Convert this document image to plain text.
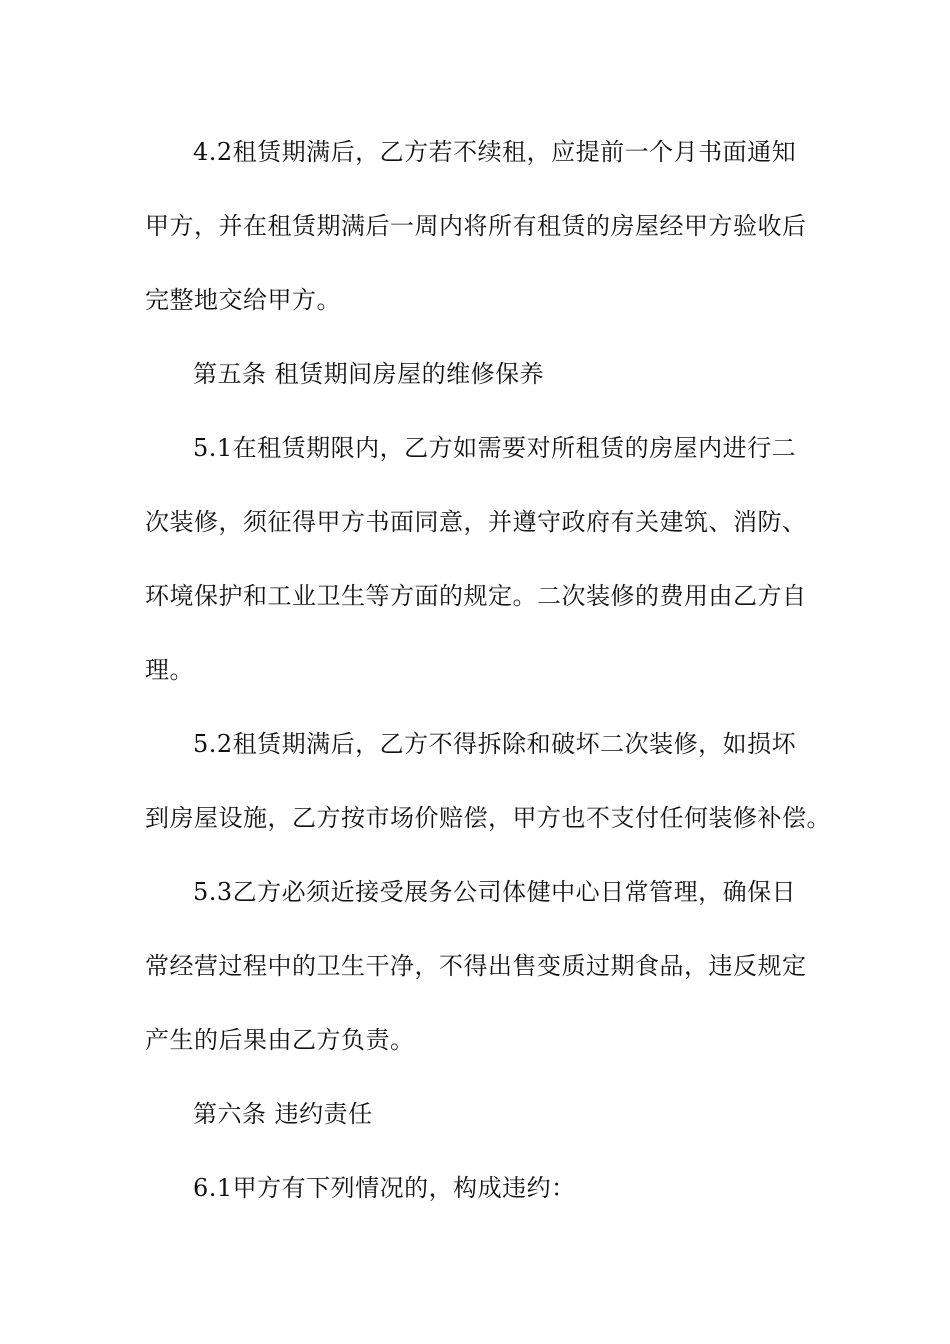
4.2租赁期满后，乙方若不续租，应提前一个月书面通知

甲方，并在租赁期满后一周内将所有租赁的房屋经甲方验收后

完整地交给甲方。

第五条 租赁期间房屋的维修保养

5.1在租赁期限内，乙方如需要对所租赁的房屋内进行二

次装修，须征得甲方书面同意，并遵守政府有关建筑、消防、

环境保护和工业卫生等方面的规定。二次装修的费用由乙方自

理。

5.2租赁期满后，乙方不得拆除和破坏二次装修，如损坏

到房屋设施，乙方按市场价赔偿，甲方也不支付任何装修补偿。

5.3乙方必须近接受展务公司体健中心日常管理，确保日

常经营过程中的卫生干净，不得出售变质过期食品，违反规定

产生的后果由乙方负责。

第六条 违约责任

6.1甲方有下列情况的，构成违约：
